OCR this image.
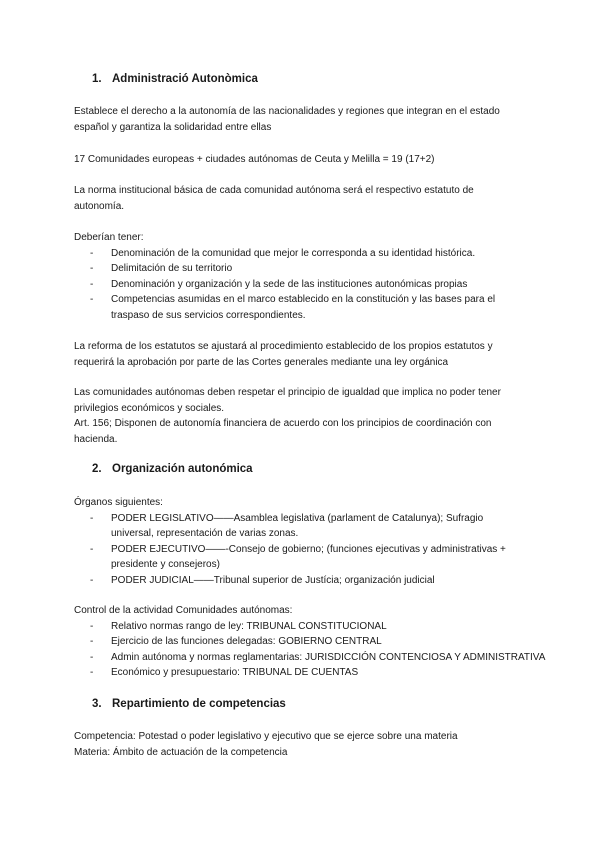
1. Administració Autonòmica
Establece el derecho a la autonomía de las nacionalidades y regiones que integran en el estado
español y garantiza la solidaridad entre ellas
17 Comunidades europeas + ciudades autónomas de Ceuta y Melilla = 19 (17+2)
La norma institucional básica de cada comunidad autónoma será el respectivo estatuto de
autonomía.
Deberían tener:
- Denominación de la comunidad que mejor le corresponda a su identidad histórica.
- Delimitación de su territorio
- Denominación y organización y la sede de las instituciones autonómicas propias
- Competencias asumidas en el marco establecido en la constitución y las bases para el traspaso de sus servicios correspondientes.
La reforma de los estatutos se ajustará al procedimiento establecido de los propios estatutos y
requerirá la aprobación por parte de las Cortes generales mediante una ley orgánica
Las comunidades autónomas deben respetar el principio de igualdad que implica no poder tener
privilegios económicos y sociales.
Art. 156; Disponen de autonomía financiera de acuerdo con los principios de coordinación con
hacienda.
2. Organización autonómica
Órganos siguientes:
- PODER LEGISLATIVO——Asamblea legislativa (parlament de Catalunya); Sufragio universal, representación de varias zonas.
- PODER EJECUTIVO——-Consejo de gobierno; (funciones ejecutivas y administrativas + presidente y consejeros)
- PODER JUDICIAL——Tribunal superior de Justícia; organización judicial
Control de la actividad Comunidades autónomas:
- Relativo normas rango de ley: TRIBUNAL CONSTITUCIONAL
- Ejercicio de las funciones delegadas: GOBIERNO CENTRAL
- Admin autónoma y normas reglamentarias: JURISDICCIÓN CONTENCIOSA Y ADMINISTRATIVA
- Económico y presupuestario: TRIBUNAL DE CUENTAS
3. Repartimiento de competencias
Competencia: Potestad o poder legislativo y ejecutivo que se ejerce sobre una materia
Materia: Ámbito de actuación de la competencia
